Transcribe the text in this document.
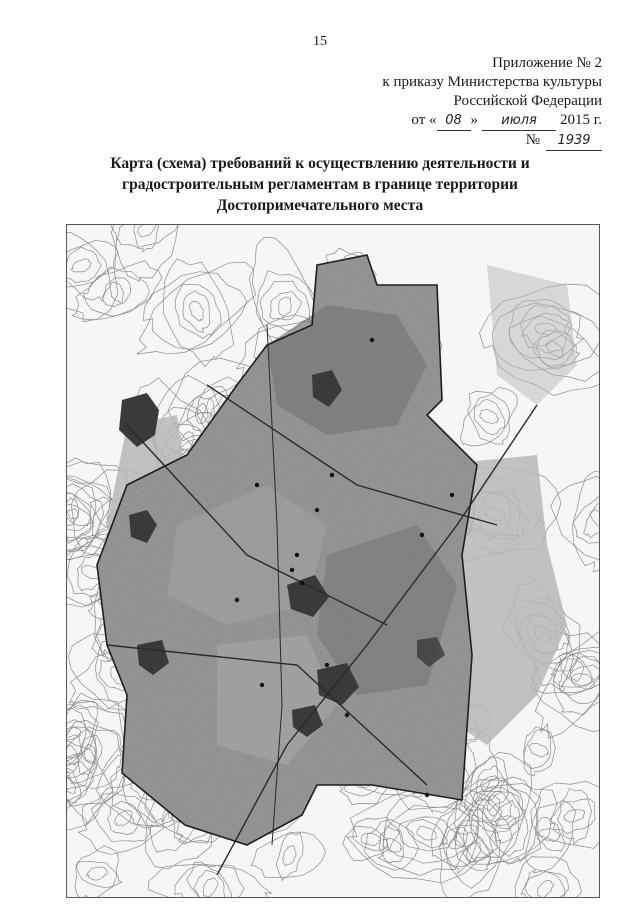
15
Приложение № 2
к приказу Министерства культуры
Российской Федерации
от « 08 » июля 2015 г.
№ 1939
Карта (схема) требований к осуществлению деятельности и
градостроительным регламентам в границе территории
Достопримечательного места
